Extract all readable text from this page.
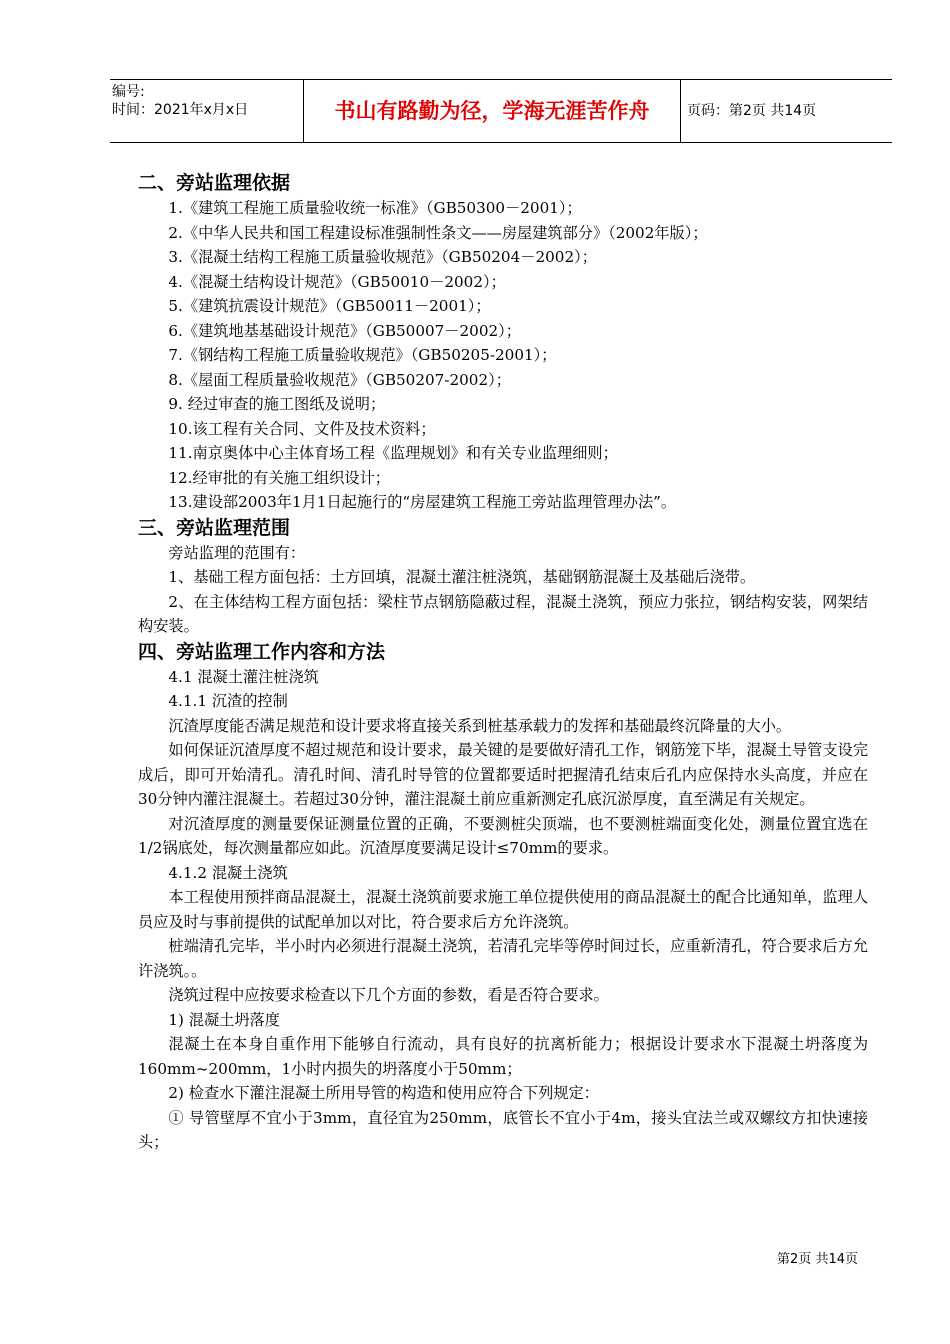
编号:
时间：2021年x月x日	书山有路勤为径，学海无涯苦作舟	页码：第2页 共14页
二、旁站监理依据

1.《建筑工程施工质量验收统一标准》（GB50300－2001）；

2.《中华人民共和国工程建设标准强制性条文——房屋建筑部分》（2002年版）；

3.《混凝土结构工程施工质量验收规范》（GB50204－2002）；

4.《混凝土结构设计规范》（GB50010－2002）；

5.《建筑抗震设计规范》（GB50011－2001）；

6.《建筑地基基础设计规范》（GB50007－2002）；

7.《钢结构工程施工质量验收规范》（GB50205-2001）；

8.《屋面工程质量验收规范》（GB50207-2002）；

9. 经过审查的施工图纸及说明；

10.该工程有关合同、文件及技术资料；

11.南京奥体中心主体育场工程《监理规划》和有关专业监理细则；

12.经审批的有关施工组织设计；

13.建设部2003年1月1日起施行的“房屋建筑工程施工旁站监理管理办法”。

三、旁站监理范围

旁站监理的范围有：

1、基础工程方面包括：土方回填，混凝土灌注桩浇筑，基础钢筋混凝土及基础后浇带。

2、在主体结构工程方面包括：梁柱节点钢筋隐蔽过程，混凝土浇筑，预应力张拉，钢结构安装，网架结构安装。

四、旁站监理工作内容和方法

4.1 混凝土灌注桩浇筑

4.1.1 沉渣的控制

沉渣厚度能否满足规范和设计要求将直接关系到桩基承载力的发挥和基础最终沉降量的大小。

如何保证沉渣厚度不超过规范和设计要求，最关键的是要做好清孔工作，钢筋笼下毕，混凝土导管支设完成后，即可开始清孔。清孔时间、清孔时导管的位置都要适时把握清孔结束后孔内应保持水头高度，并应在30分钟内灌注混凝土。若超过30分钟，灌注混凝土前应重新测定孔底沉淤厚度，直至满足有关规定。

对沉渣厚度的测量要保证测量位置的正确，不要测桩尖顶端，也不要测桩端面变化处，测量位置宜选在1/2锅底处，每次测量都应如此。沉渣厚度要满足设计≤70mm的要求。

4.1.2 混凝土浇筑

本工程使用预拌商品混凝土，混凝土浇筑前要求施工单位提供使用的商品混凝土的配合比通知单，监理人员应及时与事前提供的试配单加以对比，符合要求后方允许浇筑。

桩端清孔完毕，半小时内必须进行混凝土浇筑，若清孔完毕等停时间过长，应重新清孔，符合要求后方允许浇筑。。

浇筑过程中应按要求检查以下几个方面的参数，看是否符合要求。

1) 混凝土坍落度

混凝土在本身自重作用下能够自行流动，具有良好的抗离析能力；根据设计要求水下混凝土坍落度为160mm~200mm，1小时内损失的坍落度小于50mm；

2) 检查水下灌注混凝土所用导管的构造和使用应符合下列规定：

① 导管壁厚不宜小于3mm，直径宜为250mm，底管长不宜小于4m，接头宜法兰或双螺纹方扣快速接头；

第2页 共14页
